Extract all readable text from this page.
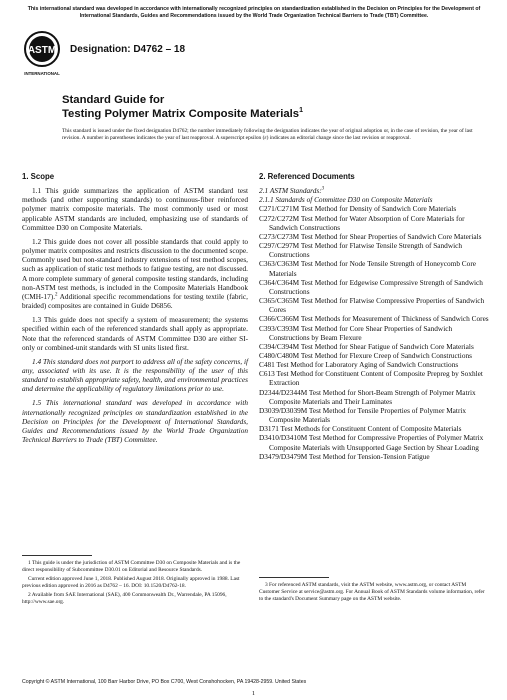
This international standard was developed in accordance with internationally recognized principles on standardization established in the Decision on Principles for the Development of International Standards, Guides and Recommendations issued by the World Trade Organization Technical Barriers to Trade (TBT) Committee.
ASTM
INTERNATIONAL
Designation: D4762 – 18
Standard Guide for
Testing Polymer Matrix Composite Materials$^1$
This standard is issued under the fixed designation D4762; the number immediately following the designation indicates the year of original adoption or, in the case of revision, the year of last revision. A number in parentheses indicates the year of last reapproval. A superscript epsilon (ε) indicates an editorial change since the last revision or reapproval.
1. Scope

1.1 This guide summarizes the application of ASTM standard test methods (and other supporting standards) to continuous-fiber reinforced polymer matrix composite materials. The most commonly used or most applicable ASTM standards are included, emphasizing use of standards of Committee D30 on Composite Materials.

1.2 This guide does not cover all possible standards that could apply to polymer matrix composites and restricts discussion to the documented scope. Commonly used but non-standard industry extensions of test method scopes, such as application of static test methods to fatigue testing, are not discussed. A more complete summary of general composite testing standards, including non-ASTM test methods, is included in the Composite Materials Handbook (CMH-17).$^2$ Additional specific recommendations for testing textile (fabric, braided) composites are contained in Guide D6856.

1.3 This guide does not specify a system of measurement; the systems specified within each of the referenced standards shall apply as appropriate. Note that the referenced standards of ASTM Committee D30 are either SI-only or combined-unit standards with SI units listed first.

1.4 This standard does not purport to address all of the safety concerns, if any, associated with its use. It is the responsibility of the user of this standard to establish appropriate safety, health, and environmental practices and determine the applicability of regulatory limitations prior to use.

1.5 This international standard was developed in accordance with internationally recognized principles on standardization established in the Decision on Principles for the Development of International Standards, Guides and Recommendations issued by the World Trade Organization Technical Barriers to Trade (TBT) Committee.

2. Referenced Documents

2.1 ASTM Standards:$^3$

2.1.1 Standards of Committee D30 on Composite Materials

C271/C271M Test Method for Density of Sandwich Core Materials

C272/C272M Test Method for Water Absorption of Core Materials for Sandwich Constructions

C273/C273M Test Method for Shear Properties of Sandwich Core Materials

C297/C297M Test Method for Flatwise Tensile Strength of Sandwich Constructions

C363/C363M Test Method for Node Tensile Strength of Honeycomb Core Materials

C364/C364M Test Method for Edgewise Compressive Strength of Sandwich Constructions

C365/C365M Test Method for Flatwise Compressive Properties of Sandwich Cores

C366/C366M Test Methods for Measurement of Thickness of Sandwich Cores

C393/C393M Test Method for Core Shear Properties of Sandwich Constructions by Beam Flexure

C394/C394M Test Method for Shear Fatigue of Sandwich Core Materials

C480/C480M Test Method for Flexure Creep of Sandwich Constructions

C481 Test Method for Laboratory Aging of Sandwich Constructions

C613 Test Method for Constituent Content of Composite Prepreg by Soxhlet Extraction

D2344/D2344M Test Method for Short-Beam Strength of Polymer Matrix Composite Materials and Their Laminates

D3039/D3039M Test Method for Tensile Properties of Polymer Matrix Composite Materials

D3171 Test Methods for Constituent Content of Composite Materials

D3410/D3410M Test Method for Compressive Properties of Polymer Matrix Composite Materials with Unsupported Gage Section by Shear Loading

D3479/D3479M Test Method for Tension-Tension Fatigue

1 This guide is under the jurisdiction of ASTM Committee D30 on Composite Materials and is the direct responsibility of Subcommittee D30.01 on Editorial and Resource Standards.

Current edition approved June 1, 2018. Published August 2018. Originally approved in 1988. Last previous edition approved in 2016 as D4762 – 16. DOI: 10.1520/D4762-18.

2 Available from SAE International (SAE), 400 Commonwealth Dr., Warrendale, PA 15096, http://www.sae.org.

3 For referenced ASTM standards, visit the ASTM website, www.astm.org, or contact ASTM Customer Service at service@astm.org. For Annual Book of ASTM Standards volume information, refer to the standard's Document Summary page on the ASTM website.

Copyright © ASTM International, 100 Barr Harbor Drive, PO Box C700, West Conshohocken, PA 19428-2959. United States
1
